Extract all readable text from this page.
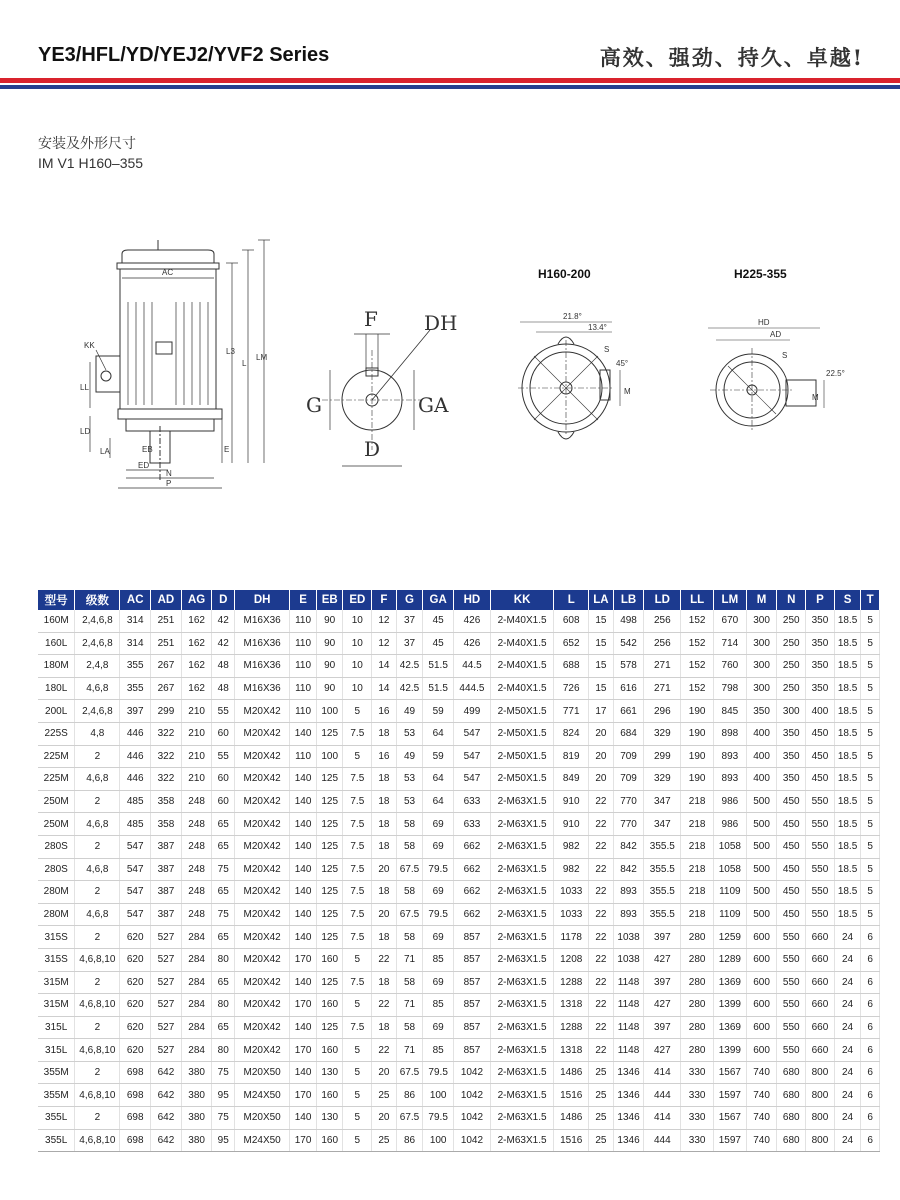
YE3/HFL/YD/YEJ2/YVF2 Series	高效、强劲、持久、卓越!
安装及外形尺寸
IM V1 H160–355
AC
KK
LL
LD
LA	EB
ED
N
P
E
L3
L
LM
F DH
G	GA
D
H160-200
21.8°
13.4°
S
45°
M
H225-355
HD
AD
S
22.5°
M
型号	级数	AC	AD	AG	D	DH	E	EB	ED	F	G	GA	HD	KK	L	LA	LB	LD	LL	LM	M	N	P	S	T
160M	2,4,6,8	314	251	162	42	M16X36	110	90	10	12	37	45	426	2-M40X1.5	608	15	498	256	152	670	300	250	350	18.5	5
160L	2,4,6,8	314	251	162	42	M16X36	110	90	10	12	37	45	426	2-M40X1.5	652	15	542	256	152	714	300	250	350	18.5	5
180M	2,4,8	355	267	162	48	M16X36	110	90	10	14	42.5	51.5	44.5	2-M40X1.5	688	15	578	271	152	760	300	250	350	18.5	5
180L	4,6,8	355	267	162	48	M16X36	110	90	10	14	42.5	51.5	444.5	2-M40X1.5	726	15	616	271	152	798	300	250	350	18.5	5
200L	2,4,6,8	397	299	210	55	M20X42	110	100	5	16	49	59	499	2-M50X1.5	771	17	661	296	190	845	350	300	400	18.5	5
225S	4,8	446	322	210	60	M20X42	140	125	7.5	18	53	64	547	2-M50X1.5	824	20	684	329	190	898	400	350	450	18.5	5
225M	2	446	322	210	55	M20X42	110	100	5	16	49	59	547	2-M50X1.5	819	20	709	299	190	893	400	350	450	18.5	5
225M	4,6,8	446	322	210	60	M20X42	140	125	7.5	18	53	64	547	2-M50X1.5	849	20	709	329	190	893	400	350	450	18.5	5
250M	2	485	358	248	60	M20X42	140	125	7.5	18	53	64	633	2-M63X1.5	910	22	770	347	218	986	500	450	550	18.5	5
250M	4,6,8	485	358	248	65	M20X42	140	125	7.5	18	58	69	633	2-M63X1.5	910	22	770	347	218	986	500	450	550	18.5	5
280S	2	547	387	248	65	M20X42	140	125	7.5	18	58	69	662	2-M63X1.5	982	22	842	355.5	218	1058	500	450	550	18.5	5
280S	4,6,8	547	387	248	75	M20X42	140	125	7.5	20	67.5	79.5	662	2-M63X1.5	982	22	842	355.5	218	1058	500	450	550	18.5	5
280M	2	547	387	248	65	M20X42	140	125	7.5	18	58	69	662	2-M63X1.5	1033	22	893	355.5	218	1109	500	450	550	18.5	5
280M	4,6,8	547	387	248	75	M20X42	140	125	7.5	20	67.5	79.5	662	2-M63X1.5	1033	22	893	355.5	218	1109	500	450	550	18.5	5
315S	2	620	527	284	65	M20X42	140	125	7.5	18	58	69	857	2-M63X1.5	1178	22	1038	397	280	1259	600	550	660	24	6
315S	4,6,8,10	620	527	284	80	M20X42	170	160	5	22	71	85	857	2-M63X1.5	1208	22	1038	427	280	1289	600	550	660	24	6
315M	2	620	527	284	65	M20X42	140	125	7.5	18	58	69	857	2-M63X1.5	1288	22	1148	397	280	1369	600	550	660	24	6
315M	4,6,8,10	620	527	284	80	M20X42	170	160	5	22	71	85	857	2-M63X1.5	1318	22	1148	427	280	1399	600	550	660	24	6
315L	2	620	527	284	65	M20X42	140	125	7.5	18	58	69	857	2-M63X1.5	1288	22	1148	397	280	1369	600	550	660	24	6
315L	4,6,8,10	620	527	284	80	M20X42	170	160	5	22	71	85	857	2-M63X1.5	1318	22	1148	427	280	1399	600	550	660	24	6
355M	2	698	642	380	75	M20X50	140	130	5	20	67.5	79.5	1042	2-M63X1.5	1486	25	1346	414	330	1567	740	680	800	24	6
355M	4,6,8,10	698	642	380	95	M24X50	170	160	5	25	86	100	1042	2-M63X1.5	1516	25	1346	444	330	1597	740	680	800	24	6
355L	2	698	642	380	75	M20X50	140	130	5	20	67.5	79.5	1042	2-M63X1.5	1486	25	1346	414	330	1567	740	680	800	24	6
355L	4,6,8,10	698	642	380	95	M24X50	170	160	5	25	86	100	1042	2-M63X1.5	1516	25	1346	444	330	1597	740	680	800	24	6
